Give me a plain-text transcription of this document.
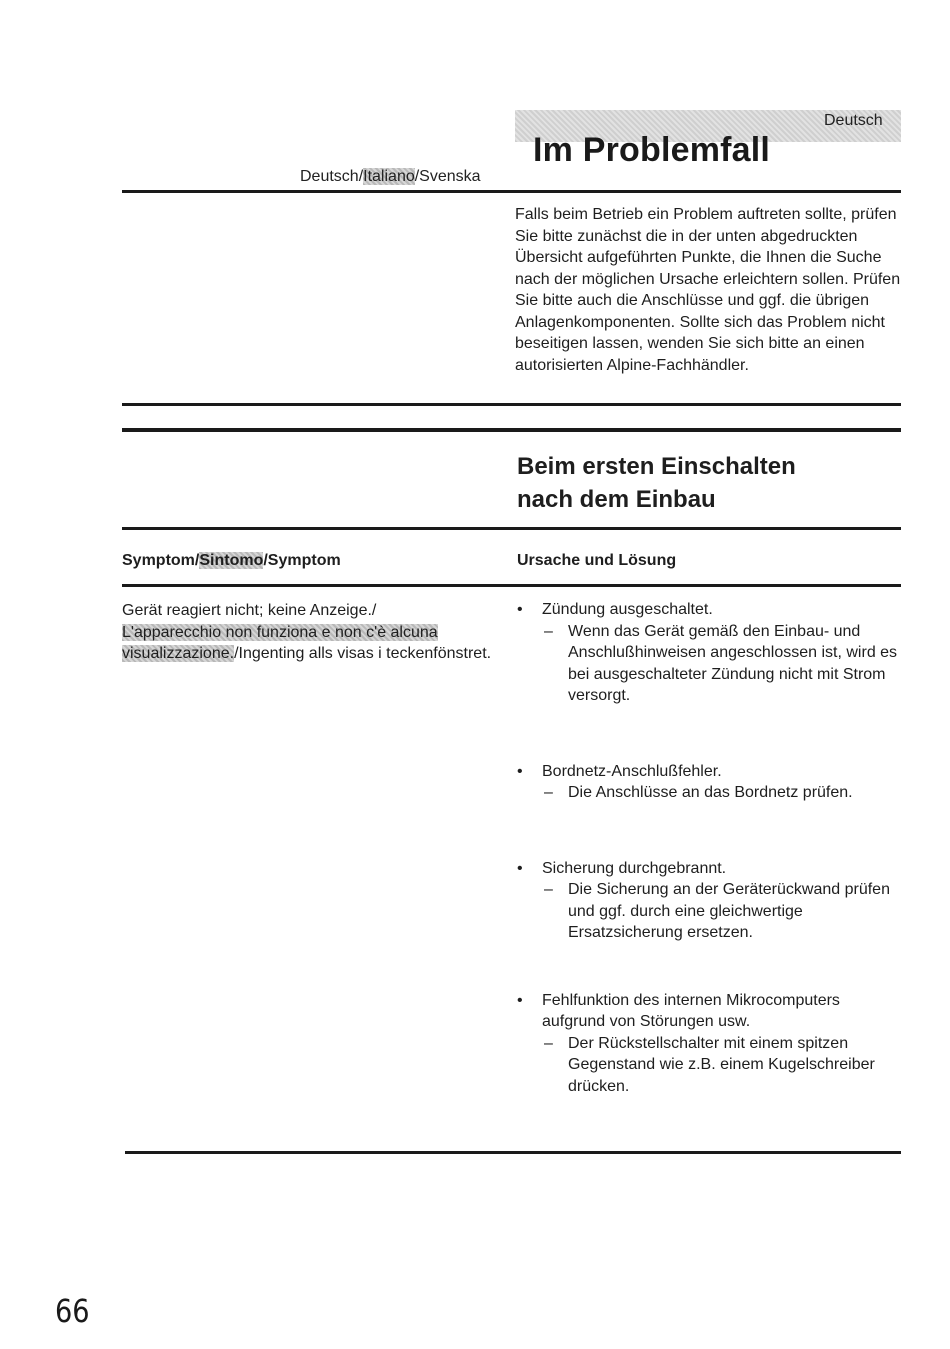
Deutsch
Im Problemfall
Deutsch/Italiano/Svenska
Falls beim Betrieb ein Problem auftreten sollte, prüfen Sie bitte zunächst die in der unten abgedruckten Übersicht aufgeführten Punkte, die Ihnen die Suche nach der möglichen Ursache erleichtern sollen. Prüfen Sie bitte auch die Anschlüsse und ggf. die übrigen Anlagenkomponenten. Sollte sich das Problem nicht beseitigen lassen, wenden Sie sich bitte an einen autorisierten Alpine-Fachhändler.
Beim ersten Einschalten
nach dem Einbau
Symptom/Sintomo/Symptom	Ursache und Lösung
Gerät reagiert nicht; keine Anzeige./
L'apparecchio non funziona e non c'è alcuna visualizzazione./Ingenting alls visas i teckenfönstret.
• Zündung ausgeschaltet.
– Wenn das Gerät gemäß den Einbau- und Anschlußhinweisen angeschlossen ist, wird es bei ausgeschalteter Zündung nicht mit Strom versorgt.
• Bordnetz-Anschlußfehler.
– Die Anschlüsse an das Bordnetz prüfen.
• Sicherung durchgebrannt.
– Die Sicherung an der Geräterückwand prüfen und ggf. durch eine gleichwertige Ersatzsicherung ersetzen.
• Fehlfunktion des internen Mikrocomputers aufgrund von Störungen usw.
– Der Rückstellschalter mit einem spitzen Gegenstand wie z.B. einem Kugelschreiber drücken.
66
